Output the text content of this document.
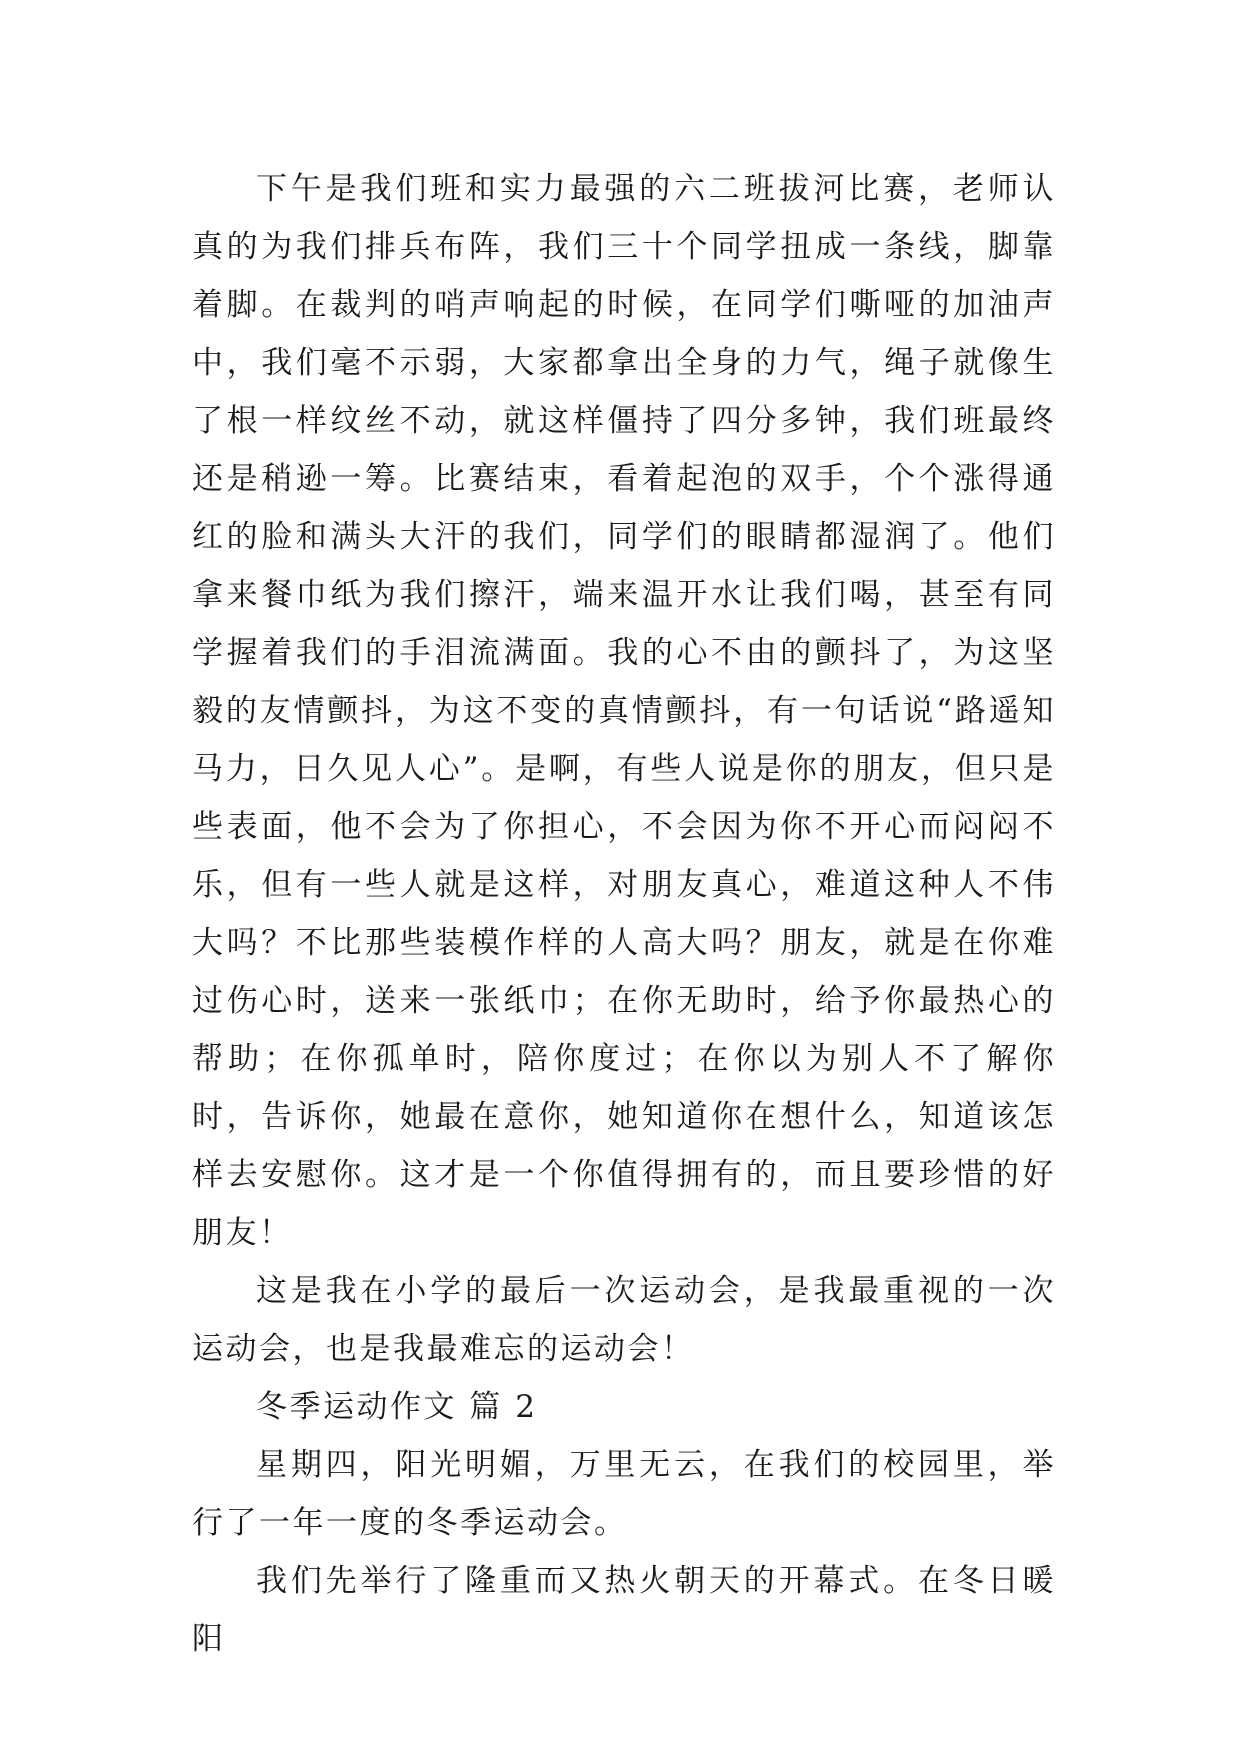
下午是我们班和实力最强的六二班拔河比赛，老师认真的为我们排兵布阵，我们三十个同学扭成一条线，脚靠着脚。在裁判的哨声响起的时候，在同学们嘶哑的加油声中，我们毫不示弱，大家都拿出全身的力气，绳子就像生了根一样纹丝不动，就这样僵持了四分多钟，我们班最终还是稍逊一筹。比赛结束，看着起泡的双手，个个涨得通红的脸和满头大汗的我们，同学们的眼睛都湿润了。他们拿来餐巾纸为我们擦汗，端来温开水让我们喝，甚至有同学握着我们的手泪流满面。我的心不由的颤抖了，为这坚毅的友情颤抖，为这不变的真情颤抖，有一句话说“路遥知马力，日久见人心”。是啊，有些人说是你的朋友，但只是些表面，他不会为了你担心，不会因为你不开心而闷闷不乐，但有一些人就是这样，对朋友真心，难道这种人不伟大吗？不比那些装模作样的人高大吗？朋友，就是在你难过伤心时，送来一张纸巾；在你无助时，给予你最热心的帮助；在你孤单时，陪你度过；在你以为别人不了解你时，告诉你，她最在意你，她知道你在想什么，知道该怎样去安慰你。这才是一个你值得拥有的，而且要珍惜的好朋友！

这是我在小学的最后一次运动会，是我最重视的一次运动会，也是我最难忘的运动会！

冬季运动作文 篇 2

星期四，阳光明媚，万里无云，在我们的校园里，举行了一年一度的冬季运动会。

我们先举行了隆重而又热火朝天的开幕式。在冬日暖阳
